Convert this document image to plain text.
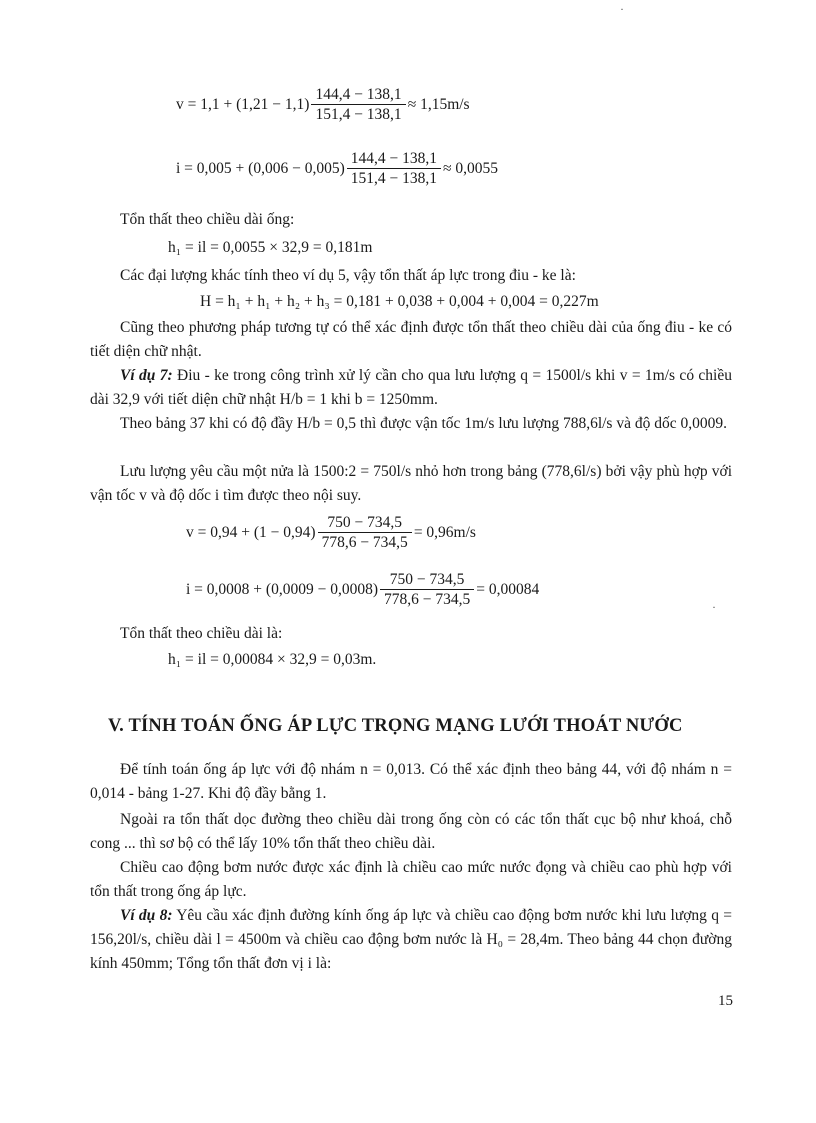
$v = 1,1 + (1,21 - 1,1) \frac{144,4 - 138,1}{151,4 - 138,1} \approx 1,15m/s$
$i = 0,005 + (0,006 - 0,005) \frac{144,4 - 138,1}{151,4 - 138,1} \approx 0,0055$
Tổn thất theo chiều dài ống:
h₁ = il = 0,0055 × 32,9 = 0,181m
Các đại lượng khác tính theo ví dụ 5, vậy tổn thất áp lực trong điu - ke là:
H = h₁ + h₁ + h₂ + h₃ = 0,181 + 0,038 + 0,004 + 0,004 = 0,227m
Cũng theo phương pháp tương tự có thể xác định được tổn thất theo chiều dài của ống điu - ke có tiết diện chữ nhật.
Ví dụ 7: Điu - ke trong công trình xử lý cần cho qua lưu lượng q = 1500l/s khi v = 1m/s có chiều dài 32,9 với tiết diện chữ nhật H/b = 1 khi b = 1250mm.
Theo bảng 37 khi có độ đầy H/b = 0,5 thì được vận tốc 1m/s lưu lượng 788,6l/s và độ dốc 0,0009.
Lưu lượng yêu cầu một nửa là 1500:2 = 750l/s nhỏ hơn trong bảng (778,6l/s) bởi vậy phù hợp với vận tốc v và độ dốc i tìm được theo nội suy.
$v = 0,94 + (1 - 0,94) \frac{750 - 734,5}{778,6 - 734,5} = 0,96m/s$
$i = 0,0008 + (0,0009 - 0,0008) \frac{750 - 734,5}{778,6 - 734,5} = 0,00084$
Tổn thất theo chiều dài là:
h₁ = il = 0,00084 × 32,9 = 0,03m.
V. TÍNH TOÁN ỐNG ÁP LỰC TRỌNG MẠNG LƯỚI THOÁT NƯỚC
Để tính toán ống áp lực với độ nhám n = 0,013. Có thể xác định theo bảng 44, với độ nhám n = 0,014 - bảng 1-27. Khi độ đầy bằng 1.
Ngoài ra tổn thất dọc đường theo chiều dài trong ống còn có các tổn thất cục bộ như khoá, chỗ cong ... thì sơ bộ có thể lấy 10% tổn thất theo chiều dài.
Chiều cao động bơm nước được xác định là chiều cao mức nước đọng và chiều cao phù hợp với tổn thất trong ống áp lực.
Ví dụ 8: Yêu cầu xác định đường kính ống áp lực và chiều cao động bơm nước khi lưu lượng q = 156,20l/s, chiều dài l = 4500m và chiều cao động bơm nước là H₀ = 28,4m. Theo bảng 44 chọn đường kính 450mm; Tổng tổn thất đơn vị i là:
15
·
·
